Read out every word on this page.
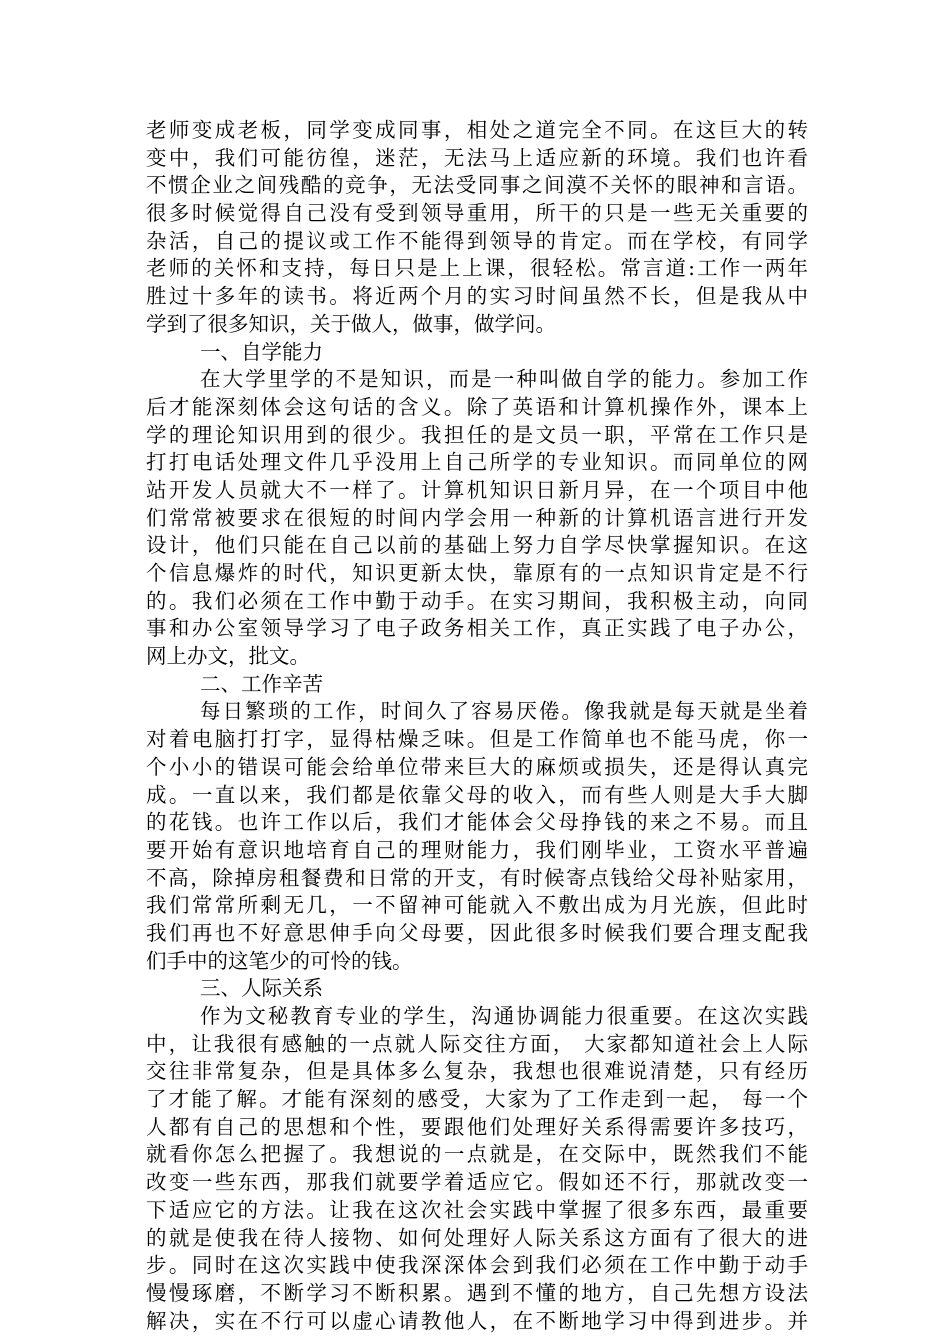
老师变成老板，同学变成同事，相处之道完全不同。在这巨大的转
变中，我们可能彷徨，迷茫，无法马上适应新的环境。我们也许看
不惯企业之间残酷的竞争，无法受同事之间漠不关怀的眼神和言语。
很多时候觉得自己没有受到领导重用，所干的只是一些无关重要的
杂活，自己的提议或工作不能得到领导的肯定。而在学校，有同学
老师的关怀和支持，每日只是上上课，很轻松。常言道:工作一两年
胜过十多年的读书。将近两个月的实习时间虽然不长，但是我从中
学到了很多知识，关于做人，做事，做学问。
一、自学能力
在大学里学的不是知识，而是一种叫做自学的能力。参加工作
后才能深刻体会这句话的含义。除了英语和计算机操作外，课本上
学的理论知识用到的很少。我担任的是文员一职，平常在工作只是
打打电话处理文件几乎没用上自己所学的专业知识。而同单位的网
站开发人员就大不一样了。计算机知识日新月异，在一个项目中他
们常常被要求在很短的时间内学会用一种新的计算机语言进行开发
设计，他们只能在自己以前的基础上努力自学尽快掌握知识。在这
个信息爆炸的时代，知识更新太快，靠原有的一点知识肯定是不行
的。我们必须在工作中勤于动手。在实习期间，我积极主动，向同
事和办公室领导学习了电子政务相关工作，真正实践了电子办公，
网上办文，批文。
二、工作辛苦
每日繁琐的工作，时间久了容易厌倦。像我就是每天就是坐着
对着电脑打打字，显得枯燥乏味。但是工作简单也不能马虎，你一
个小小的错误可能会给单位带来巨大的麻烦或损失，还是得认真完
成。一直以来，我们都是依靠父母的收入，而有些人则是大手大脚
的花钱。也许工作以后，我们才能体会父母挣钱的来之不易。而且
要开始有意识地培育自己的理财能力，我们刚毕业，工资水平普遍
不高，除掉房租餐费和日常的开支，有时候寄点钱给父母补贴家用，
我们常常所剩无几，一不留神可能就入不敷出成为月光族，但此时
我们再也不好意思伸手向父母要，因此很多时候我们要合理支配我
们手中的这笔少的可怜的钱。
三、人际关系
作为文秘教育专业的学生，沟通协调能力很重要。在这次实践
中，让我很有感触的一点就人际交往方面， 大家都知道社会上人际
交往非常复杂，但是具体多么复杂，我想也很难说清楚，只有经历
了才能了解。才能有深刻的感受，大家为了工作走到一起， 每一个
人都有自己的思想和个性，要跟他们处理好关系得需要许多技巧，
就看你怎么把握了。我想说的一点就是，在交际中，既然我们不能
改变一些东西，那我们就要学着适应它。假如还不行，那就改变一
下适应它的方法。让我在这次社会实践中掌握了很多东西，最重要
的就是使我在待人接物、如何处理好人际关系这方面有了很大的进
步。同时在这次实践中使我深深体会到我们必须在工作中勤于动手
慢慢琢磨，不断学习不断积累。遇到不懂的地方，自己先想方设法
解决，实在不行可以虚心请教他人，在不断地学习中得到进步。并
